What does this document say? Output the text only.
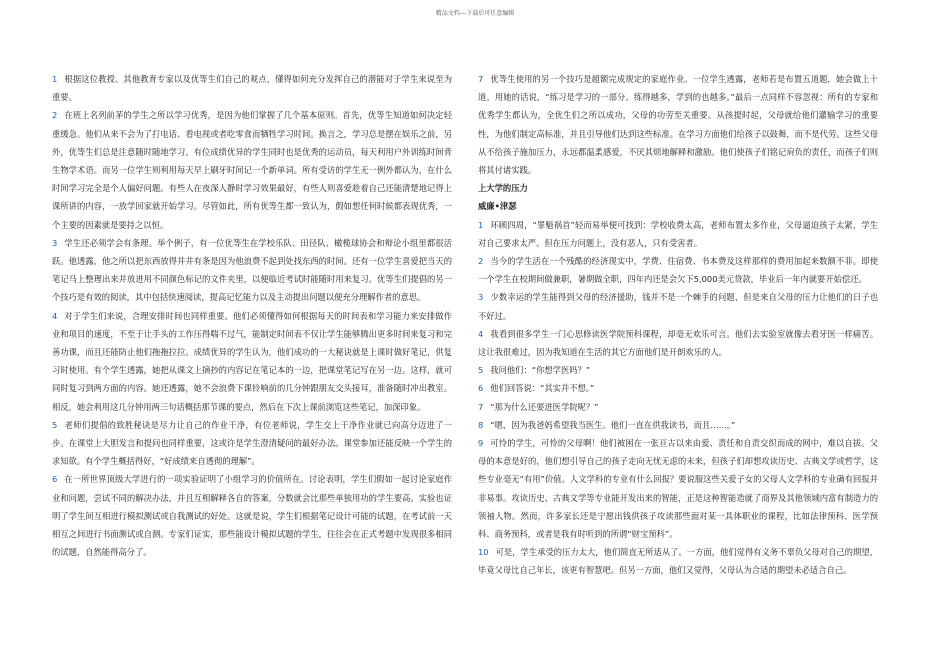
精品文档---下载后可任意编辑

1 根据这位教授、其他教育专家以及优等生们自己的观点，懂得如何充分发挥自己的潜能对于学生来说至为重要。

2 在班上名列前茅的学生之所以学习优秀，是因为他们掌握了几个基本原则。首先，优等生知道如何决定轻重缓急。他们从来不会为了打电话、看电视或者吃零食而牺牲学习时间。换言之，学习总是摆在娱乐之前，另外，优等生们总是注意随时随地学习。有位成绩优异的学生同时也是优秀的运动员，每天利用户外训练时间背生物学术语。而另一位学生则利用每天早上刷牙时间记一个新单词。所有受访的学生无一例外都认为，在什么时间学习完全是个人偏好问题。有些人在夜深人静时学习效果最好，有些人则喜爱趁着自己还能清楚地记得上课所讲的内容，一放学回家就开始学习。尽管如此，所有优等生都一致认为，假如想任何时候都表现优秀，一个主要的因素就是要持之以恒。

3 学生还必须学会有条理。举个例子，有一位优等生在学校乐队、田径队、橄榄球协会和辩论小组里都很活跃。他透露，他之所以把东西放得井井有条是因为他浪费不起到处找东西的时间。还有一位学生喜爱把当天的笔记马上整理出来并放进用不同颜色标记的文件夹里，以便临近考试时能随时用来复习。优等生们提倡的另一个技巧是有效的阅读，其中包括快速阅读，提高记忆能力以及主动提出问题以便充分理解作者的意思。

4 对于学生们来说，合理安排时间也同样重要。他们必须懂得如何根据每天的时间表和学习能力来安排做作业和项目的速度，不至于让手头的工作压得喘不过气，能制定时间表不仅让学生能够腾出更多时间来复习和完善功课，而且还能防止他们拖拖拉拉。成绩优异的学生认为，他们成功的一大秘诀就是上课时做好笔记，供复习时使用。有个学生透露，她把从课文上摘抄的内容记在笔记本的一边，把课堂笔记写在另一边。这样，就可同时复习到两方面的内容。她还透露，她不会浪费下课铃响前的几分钟跟朋友交头接耳，准备随时冲出教室。相反，她会利用这几分钟用两三句话概括那节课的要点，然后在下次上课前浏览这些笔记，加深印象。

5 老师们提倡的致胜秘诀是尽力让自己的作业干净，有位老师说，学生交上干净作业就已向高分迈进了一步。在课堂上大胆发言和提问也同样重要，这或许是学生澄清疑问的最好办法。课堂参加还能反映一个学生的求知欲。有个学生概括得好，“好成绩来自透彻的理解”。

6 在一所世界顶级大学进行的一项实验证明了小组学习的价值所在。讨论表明，学生们假如一起讨论家庭作业和问题，尝试不同的解决办法，并且互相解释各自的答案，分数就会比那些单独用功的学生要高。实验也证明了学生间互相进行模拟测试或自我测试的好处。这就是说，学生们根据笔记设计可能的试题，在考试前一天相互之间进行书面测试或自测。专家们证实，那些能设计模拟试题的学生，往往会在正式考题中发现很多相同的试题，自然能得高分了。

7 优等生使用的另一个技巧是超额完成规定的家庭作业。一位学生透露，老师若是布置五道题，她会做上十道。用她的话说，“练习是学习的一部分。练得越多，学到的也越多。”最后一点同样不容忽视：所有的专家和优秀学生都认为，全优生们之所以成功，父母的功劳至关重要。从孩提时起，父母就给他们灌输学习的重要性，为他们制定高标准，并且引导他们达到这些标准。在学习方面他们给孩子以鼓舞，而不是代劳。这些父母从不给孩子施加压力，永远都温柔感爱，不厌其烦地解释和激励。他们使孩子们铭记肩负的责任，而孩子们则将其付诸实践。

上大学的压力

威廉•津瑟

1 环顾四周，“罪魁祸首”轻而易举便可找到：学校收费太高，老师布置太多作业，父母逼迫孩子太紧，学生对自己要求太严。但在压力问题上，没有恶人，只有受害者。

2 当今的学生活在一个残酷的经济现实中，学费、住宿费、书本费及这样那样的费用加起来数额不菲。即使一个学生在校期间做兼职，暑期做全职，四年内还是会欠下5,000美元贷款，毕业后一年内就要开始偿还。

3 少数幸运的学生能得到父母的经济援助，钱并不是一个棘手的问题，但是来自父母的压力让他们的日子也不好过。

4 我看到很多学生一门心思修读医学院预科课程，却毫无欢乐可言。他们去实验室就像去看牙医一样痛苦。这让我很难过，因为我知道在生活的其它方面他们是开朗欢乐的人。

5 我问他们：“你想学医吗？”

6 他们回答说：“其实并不想。”

7 “那为什么还要进医学院呢？”

8 “嗯，因为我爸妈希望我当医生。他们一直在供我读书，而且……。”

9 可怜的学生，可怜的父母啊！他们被困在一张亘古以来由爱、责任和自责交织而成的网中，难以自拔。父母的本意是好的，他们想引导自己的孩子走向无忧无虑的未来，但孩子们却想攻读历史、古典文学或哲学，这些专业毫无“有用”价值。人文学科的专业有什么回报？要说服这些关爱子女的父母人文学科的专业确有回报并非易事。攻读历史、古典文学等专业能开发出来的智能，正是这种智能造就了商界及其他领域内富有制造力的领袖人物。然而，许多家长还是宁愿出钱供孩子攻读那些面对某一具体职业的课程，比如法律预科、医学预科、商务预科，或者是我有时听到的所谓“财宝预科”。

10 可是，学生承受的压力太大，他们简直无所适从了。一方面，他们觉得有义务不辜负父母对自己的期望，毕竟父母比自己年长，该更有智慧吧。但另一方面，他们又觉得，父母认为合适的期望未必适合自己。
